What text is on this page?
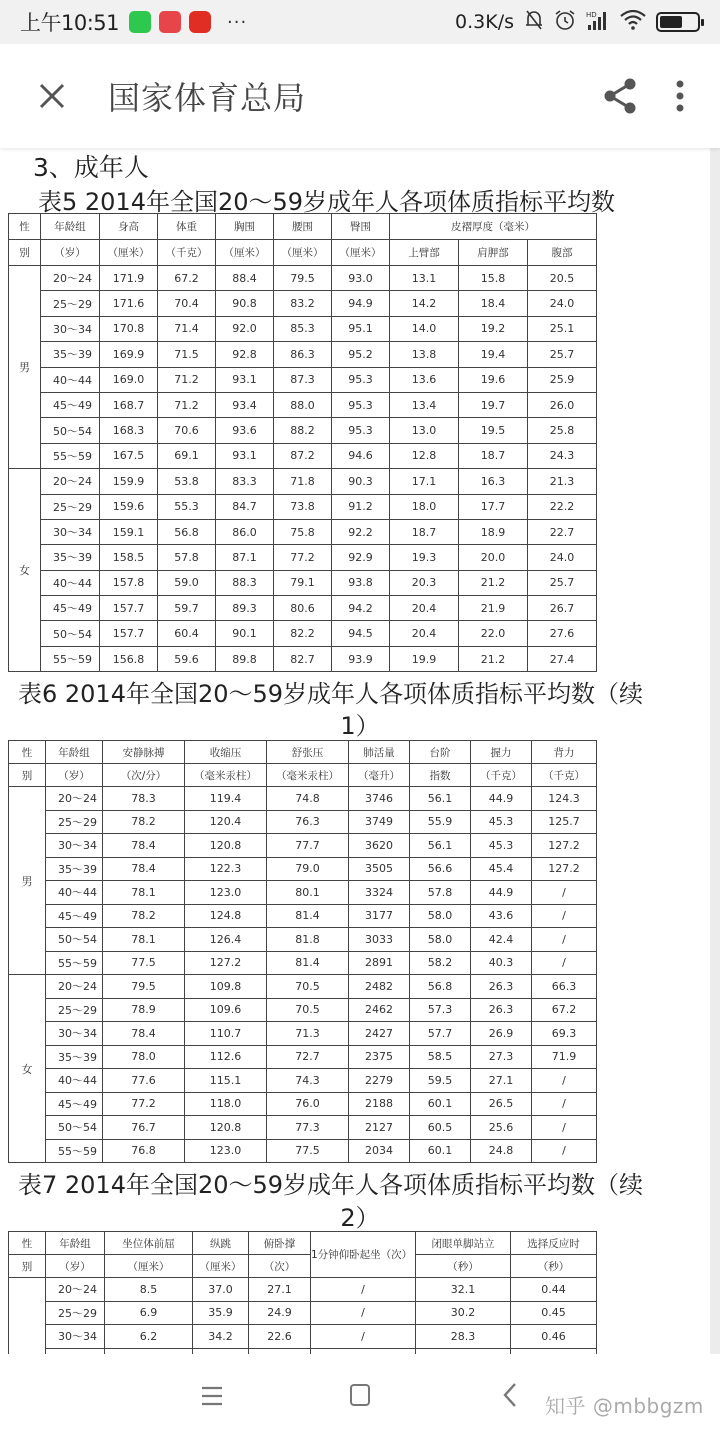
上午10:51	···	0.3K/s	HD
国家体育总局
3、成年人
表5 2014年全国20～59岁成年人各项体质指标平均数
性	年龄组	身高	体重	胸围	腰围	臀围	皮褶厚度（毫米）		
别	（岁）	（厘米）	（千克）	（厘米）	（厘米）	（厘米）	上臂部	肩胛部	腹部
男	20～24	171.9	67.2	88.4	79.5	93.0	13.1	15.8	20.5
	25～29	171.6	70.4	90.8	83.2	94.9	14.2	18.4	24.0
	30～34	170.8	71.4	92.0	85.3	95.1	14.0	19.2	25.1
	35～39	169.9	71.5	92.8	86.3	95.2	13.8	19.4	25.7
	40～44	169.0	71.2	93.1	87.3	95.3	13.6	19.6	25.9
	45～49	168.7	71.2	93.4	88.0	95.3	13.4	19.7	26.0
	50～54	168.3	70.6	93.6	88.2	95.3	13.0	19.5	25.8
	55～59	167.5	69.1	93.1	87.2	94.6	12.8	18.7	24.3
女	20～24	159.9	53.8	83.3	71.8	90.3	17.1	16.3	21.3
	25～29	159.6	55.3	84.7	73.8	91.2	18.0	17.7	22.2
	30～34	159.1	56.8	86.0	75.8	92.2	18.7	18.9	22.7
	35～39	158.5	57.8	87.1	77.2	92.9	19.3	20.0	24.0
	40～44	157.8	59.0	88.3	79.1	93.8	20.3	21.2	25.7
	45～49	157.7	59.7	89.3	80.6	94.2	20.4	21.9	26.7
	50～54	157.7	60.4	90.1	82.2	94.5	20.4	22.0	27.6
	55～59	156.8	59.6	89.8	82.7	93.9	19.9	21.2	27.4
表6 2014年全国20～59岁成年人各项体质指标平均数（续
1）
性	年龄组	安静脉搏	收缩压	舒张压	肺活量	台阶	握力	背力
别	（岁）	（次/分）	（毫米汞柱）	（毫米汞柱）	（毫升）	指数	（千克）	（千克）
男	20～24	78.3	119.4	74.8	3746	56.1	44.9	124.3
	25～29	78.2	120.4	76.3	3749	55.9	45.3	125.7
	30～34	78.4	120.8	77.7	3620	56.1	45.3	127.2
	35～39	78.4	122.3	79.0	3505	56.6	45.4	127.2
	40～44	78.1	123.0	80.1	3324	57.8	44.9	/
	45～49	78.2	124.8	81.4	3177	58.0	43.6	/
	50～54	78.1	126.4	81.8	3033	58.0	42.4	/
	55～59	77.5	127.2	81.4	2891	58.2	40.3	/
女	20～24	79.5	109.8	70.5	2482	56.8	26.3	66.3
	25～29	78.9	109.6	70.5	2462	57.3	26.3	67.2
	30～34	78.4	110.7	71.3	2427	57.7	26.9	69.3
	35～39	78.0	112.6	72.7	2375	58.5	27.3	71.9
	40～44	77.6	115.1	74.3	2279	59.5	27.1	/
	45～49	77.2	118.0	76.0	2188	60.1	26.5	/
	50～54	76.7	120.8	77.3	2127	60.5	25.6	/
	55～59	76.8	123.0	77.5	2034	60.1	24.8	/
表7 2014年全国20～59岁成年人各项体质指标平均数（续
2）
性	年龄组	坐位体前屈	纵跳	俯卧撑	1分钟仰卧起坐（次）	闭眼单脚站立	选择反应时
别	（岁）	（厘米）	（厘米）	（次）		（秒）	（秒）
	20～24	8.5	37.0	27.1	/	32.1	0.44
	25～29	6.9	35.9	24.9	/	30.2	0.45
	30～34	6.2	34.2	22.6	/	28.3	0.46

知乎 @mbbgzm
